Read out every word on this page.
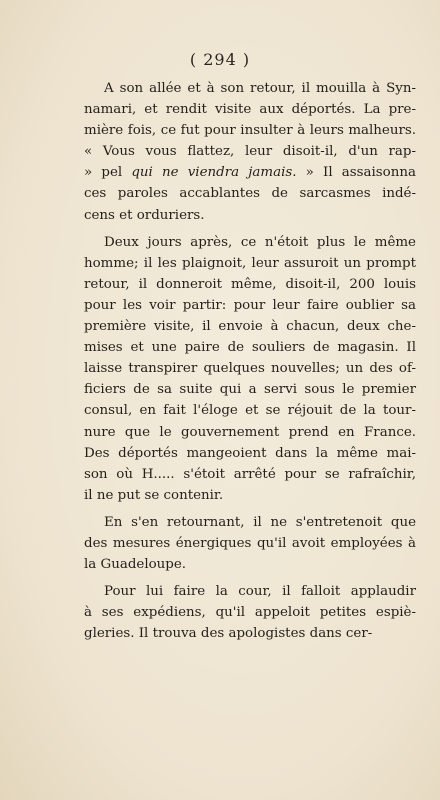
( 294 )
A son allée et à son retour, il mouilla à Syn-
namari, et rendit visite aux déportés. La pre-
mière fois, ce fut pour insulter à leurs malheurs.
« Vous vous flattez, leur disoit-il, d'un rap-
» pel qui ne viendra jamais. » Il assaisonna
ces paroles accablantes de sarcasmes indé-
cens et orduriers.
Deux jours après, ce n'étoit plus le même
homme; il les plaignoit, leur assuroit un prompt
retour, il donneroit même, disoit-il, 200 louis
pour les voir partir: pour leur faire oublier sa
première visite, il envoie à chacun, deux che-
mises et une paire de souliers de magasin. Il
laisse transpirer quelques nouvelles; un des of-
ficiers de sa suite qui a servi sous le premier
consul, en fait l'éloge et se réjouit de la tour-
nure que le gouvernement prend en France.
Des déportés mangeoient dans la même mai-
son où H..... s'étoit arrêté pour se rafraîchir,
il ne put se contenir.
En s'en retournant, il ne s'entretenoit que
des mesures énergiques qu'il avoit employées à
la Guadeloupe.
Pour lui faire la cour, il falloit applaudir
à ses expédiens, qu'il appeloit petites espiè-
gleries. Il trouva des apologistes dans cer-
